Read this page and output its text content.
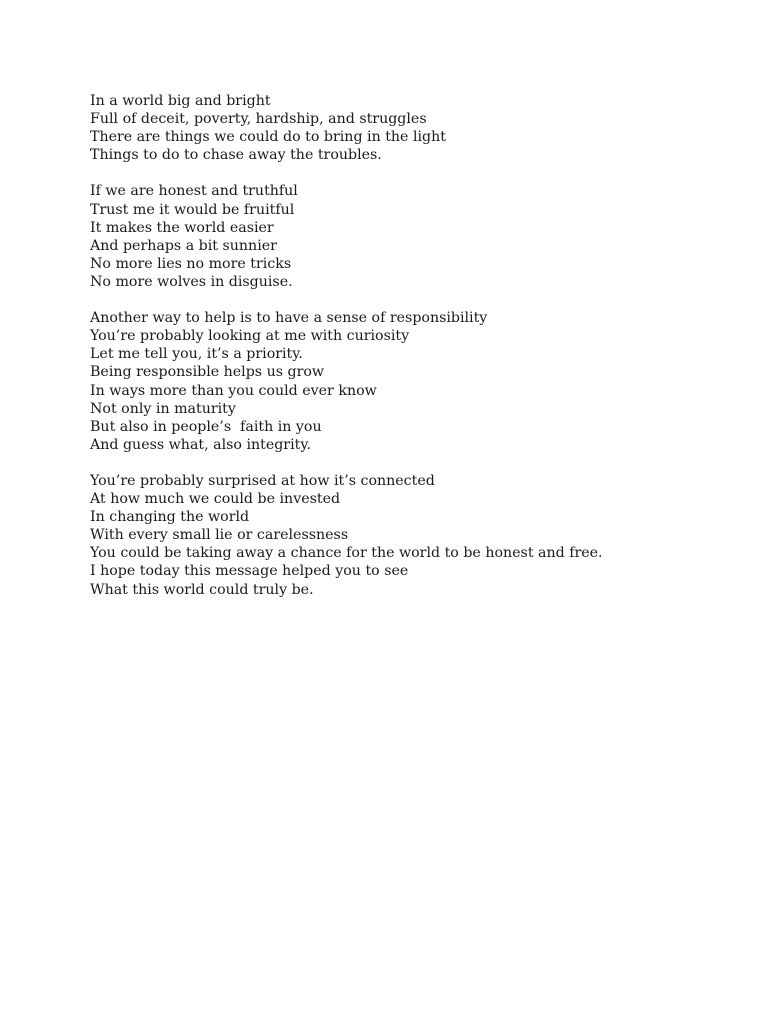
In a world big and bright
Full of deceit, poverty, hardship, and struggles
There are things we could do to bring in the light
Things to do to chase away the troubles.
If we are honest and truthful
Trust me it would be fruitful
It makes the world easier
And perhaps a bit sunnier
No more lies no more tricks
No more wolves in disguise.
Another way to help is to have a sense of responsibility
You’re probably looking at me with curiosity
Let me tell you, it’s a priority.
Being responsible helps us grow
In ways more than you could ever know
Not only in maturity
But also in people’s  faith in you
And guess what, also integrity.
You’re probably surprised at how it’s connected
At how much we could be invested
In changing the world
With every small lie or carelessness
You could be taking away a chance for the world to be honest and free.
I hope today this message helped you to see
What this world could truly be.
